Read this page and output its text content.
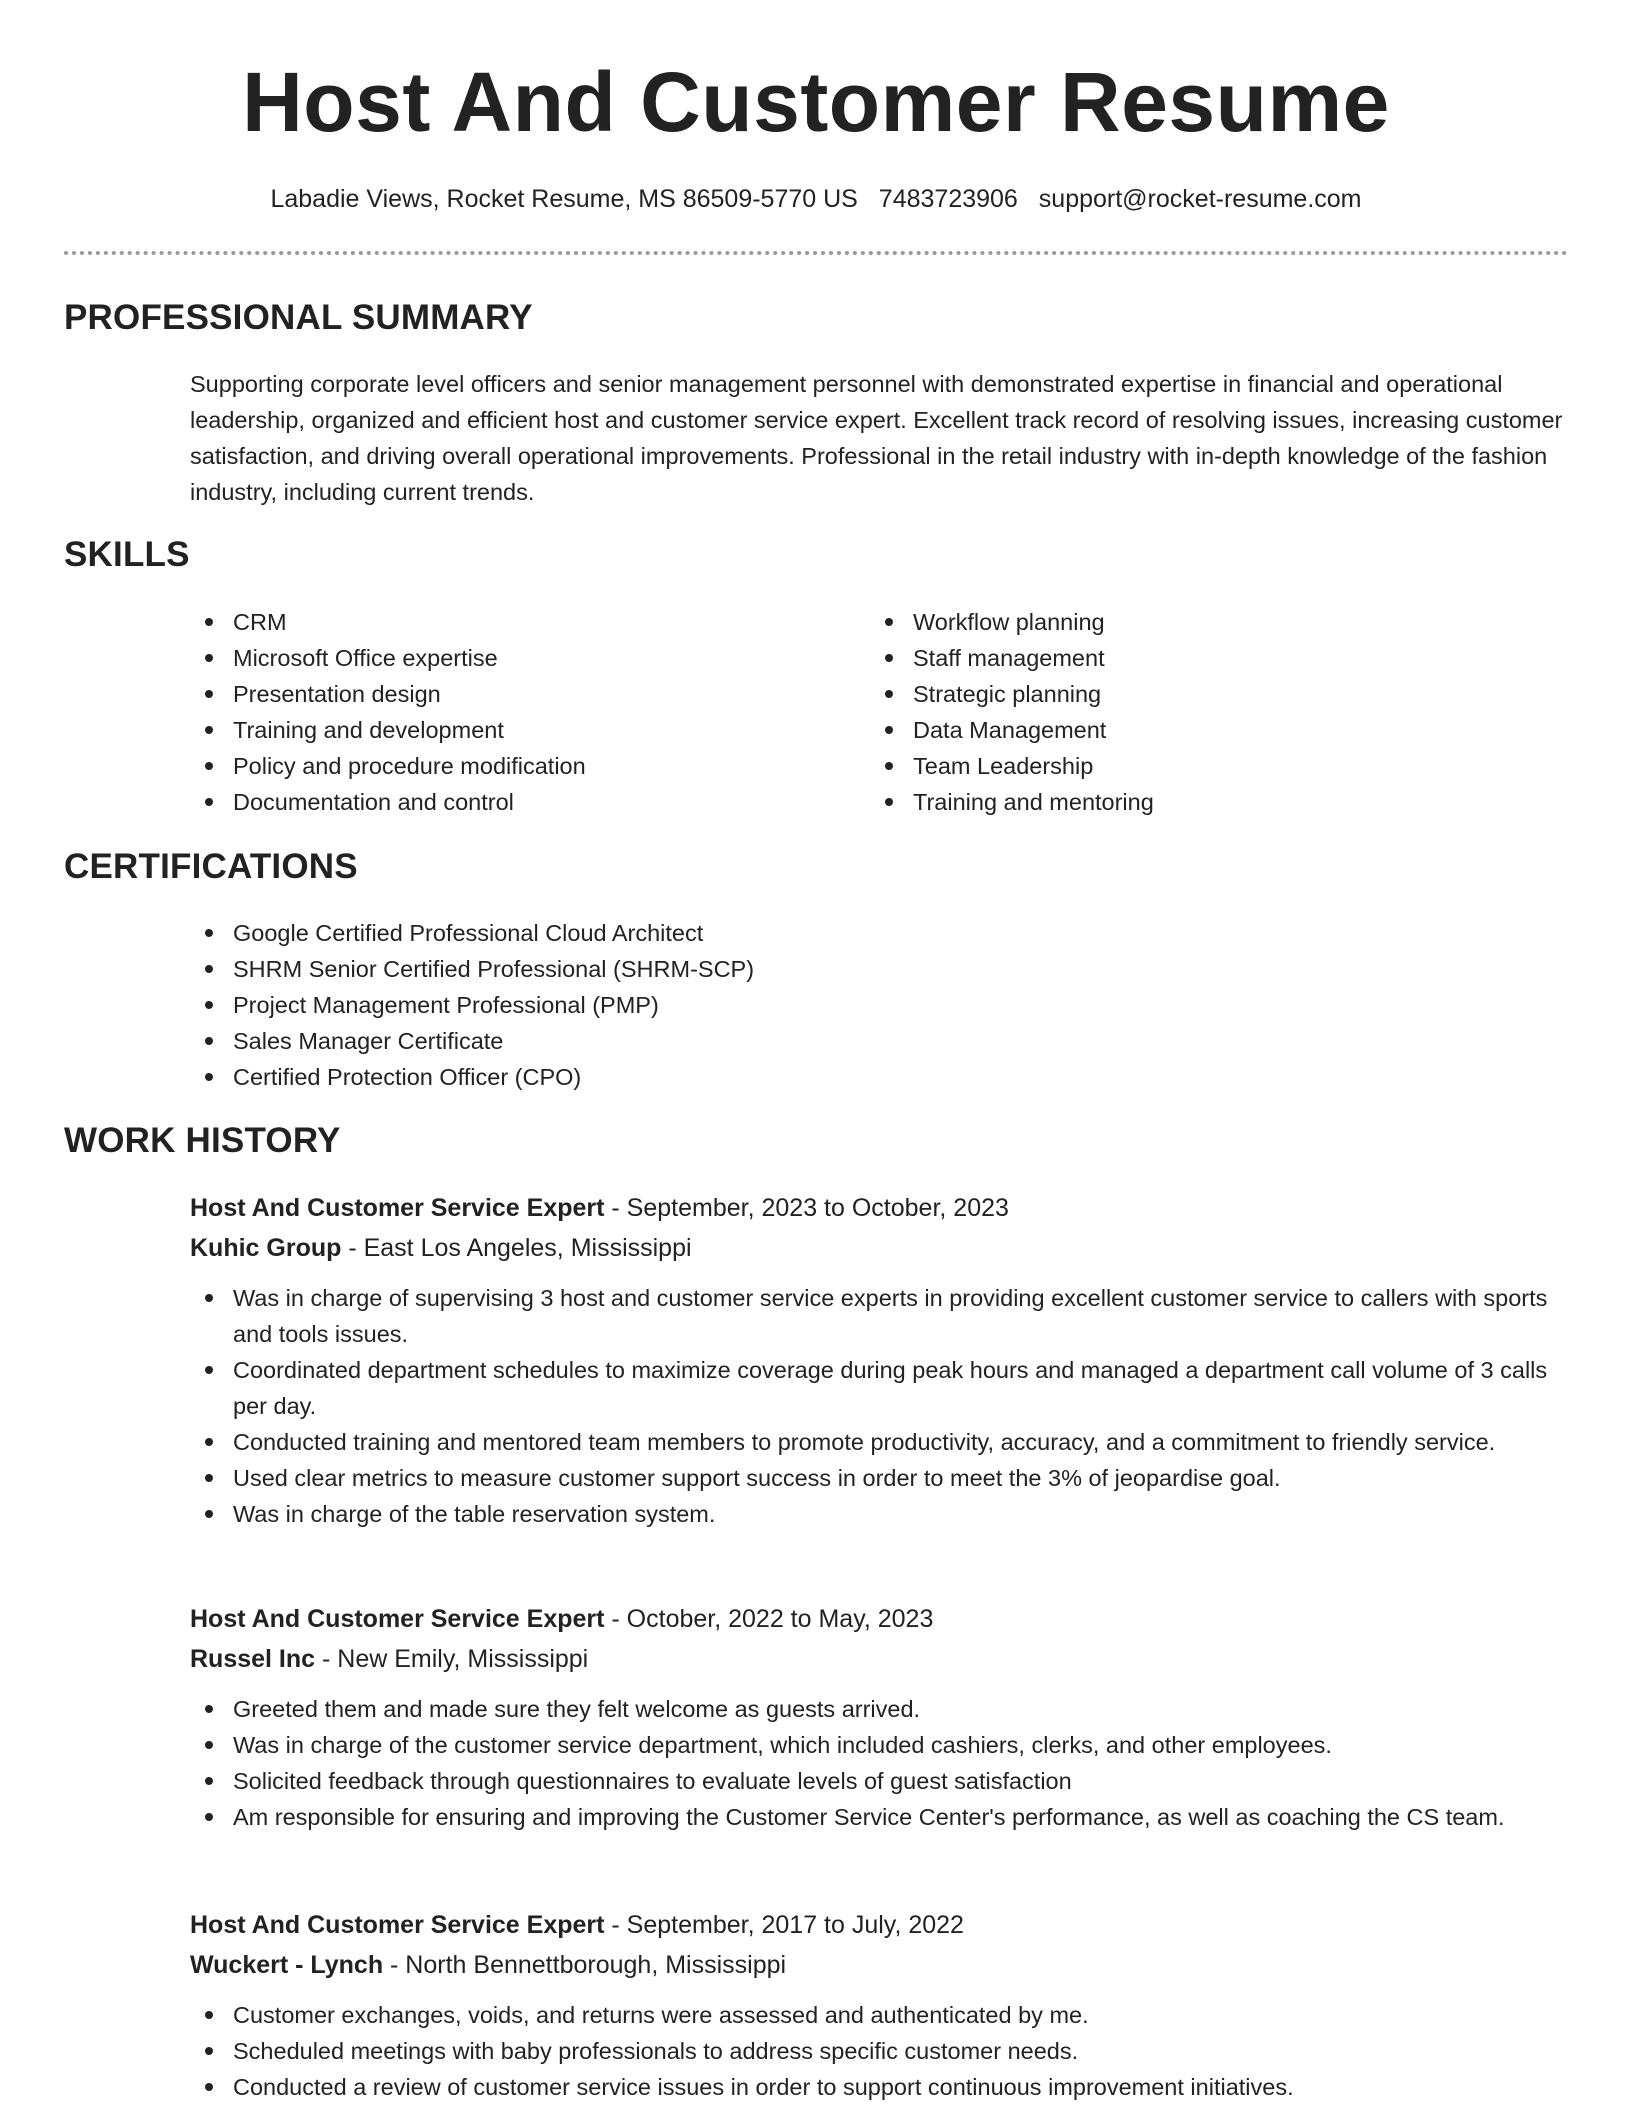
Host And Customer Resume
Labadie Views, Rocket Resume, MS 86509-5770 US 7483723906 support@rocket-resume.com
PROFESSIONAL SUMMARY

Supporting corporate level officers and senior management personnel with demonstrated expertise in financial and operational leadership, organized and efficient host and customer service expert. Excellent track record of resolving issues, increasing customer satisfaction, and driving overall operational improvements. Professional in the retail industry with in-depth knowledge of the fashion industry, including current trends.

SKILLS
CRM
Microsoft Office expertise
Presentation design
Training and development
Policy and procedure modification
Documentation and control
Workflow planning
Staff management
Strategic planning
Data Management
Team Leadership
Training and mentoring
CERTIFICATIONS
Google Certified Professional Cloud Architect
SHRM Senior Certified Professional (SHRM-SCP)
Project Management Professional (PMP)
Sales Manager Certificate
Certified Protection Officer (CPO)
WORK HISTORY
Host And Customer Service Expert - September, 2023 to October, 2023
Kuhic Group - East Los Angeles, Mississippi
Was in charge of supervising 3 host and customer service experts in providing excellent customer service to callers with sports and tools issues.
Coordinated department schedules to maximize coverage during peak hours and managed a department call volume of 3 calls per day.
Conducted training and mentored team members to promote productivity, accuracy, and a commitment to friendly service.
Used clear metrics to measure customer support success in order to meet the 3% of jeopardise goal.
Was in charge of the table reservation system.
Host And Customer Service Expert - October, 2022 to May, 2023
Russel Inc - New Emily, Mississippi
Greeted them and made sure they felt welcome as guests arrived.
Was in charge of the customer service department, which included cashiers, clerks, and other employees.
Solicited feedback through questionnaires to evaluate levels of guest satisfaction
Am responsible for ensuring and improving the Customer Service Center's performance, as well as coaching the CS team.
Host And Customer Service Expert - September, 2017 to July, 2022
Wuckert - Lynch - North Bennettborough, Mississippi
Customer exchanges, voids, and returns were assessed and authenticated by me.
Scheduled meetings with baby professionals to address specific customer needs.
Conducted a review of customer service issues in order to support continuous improvement initiatives.
